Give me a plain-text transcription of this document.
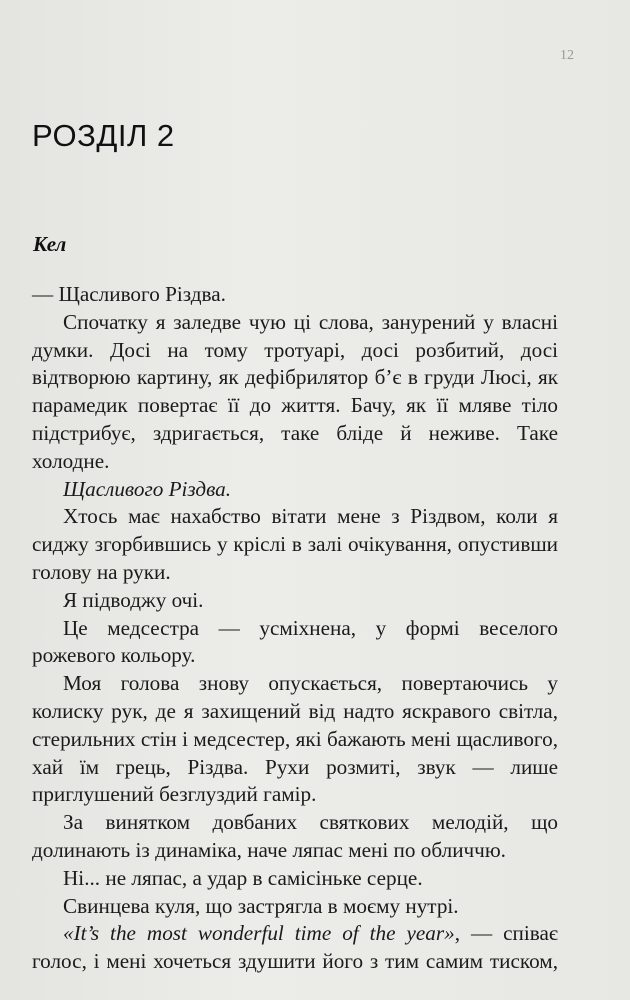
12
РОЗДІЛ 2
Кел

— Щасливого Різдва.

Спочатку я заледве чую ці слова, занурений у власні думки. Досі на тому тротуарі, досі розбитий, досі відтворюю картину, як дефібрилятор б’є в груди Люсі, як парамедик повертає її до життя. Бачу, як її мляве тіло підстрибує, здригається, таке бліде й неживе. Таке холодне.

Щасливого Різдва.

Хтось має нахабство вітати мене з Різдвом, коли я сиджу згорбившись у кріслі в залі очікування, опустивши голову на руки.

Я підводжу очі.

Це медсестра — усміхнена, у формі веселого рожевого кольору.

Моя голова знову опускається, повертаючись у колиску рук, де я захищений від надто яскравого світла, стерильних стін і медсестер, які бажають мені щасливого, хай їм грець, Різдва. Рухи розмиті, звук — лише приглушений безглуздий гамір.

За винятком довбаних святкових мелодій, що долинають із динаміка, наче ляпас мені по обличчю.

Ні... не ляпас, а удар в самісіньке серце.

Свинцева куля, що застрягла в моєму нутрі.

«It’s the most wonderful time of the year», — співає голос, і мені хочеться здушити його з тим самим тиском,
